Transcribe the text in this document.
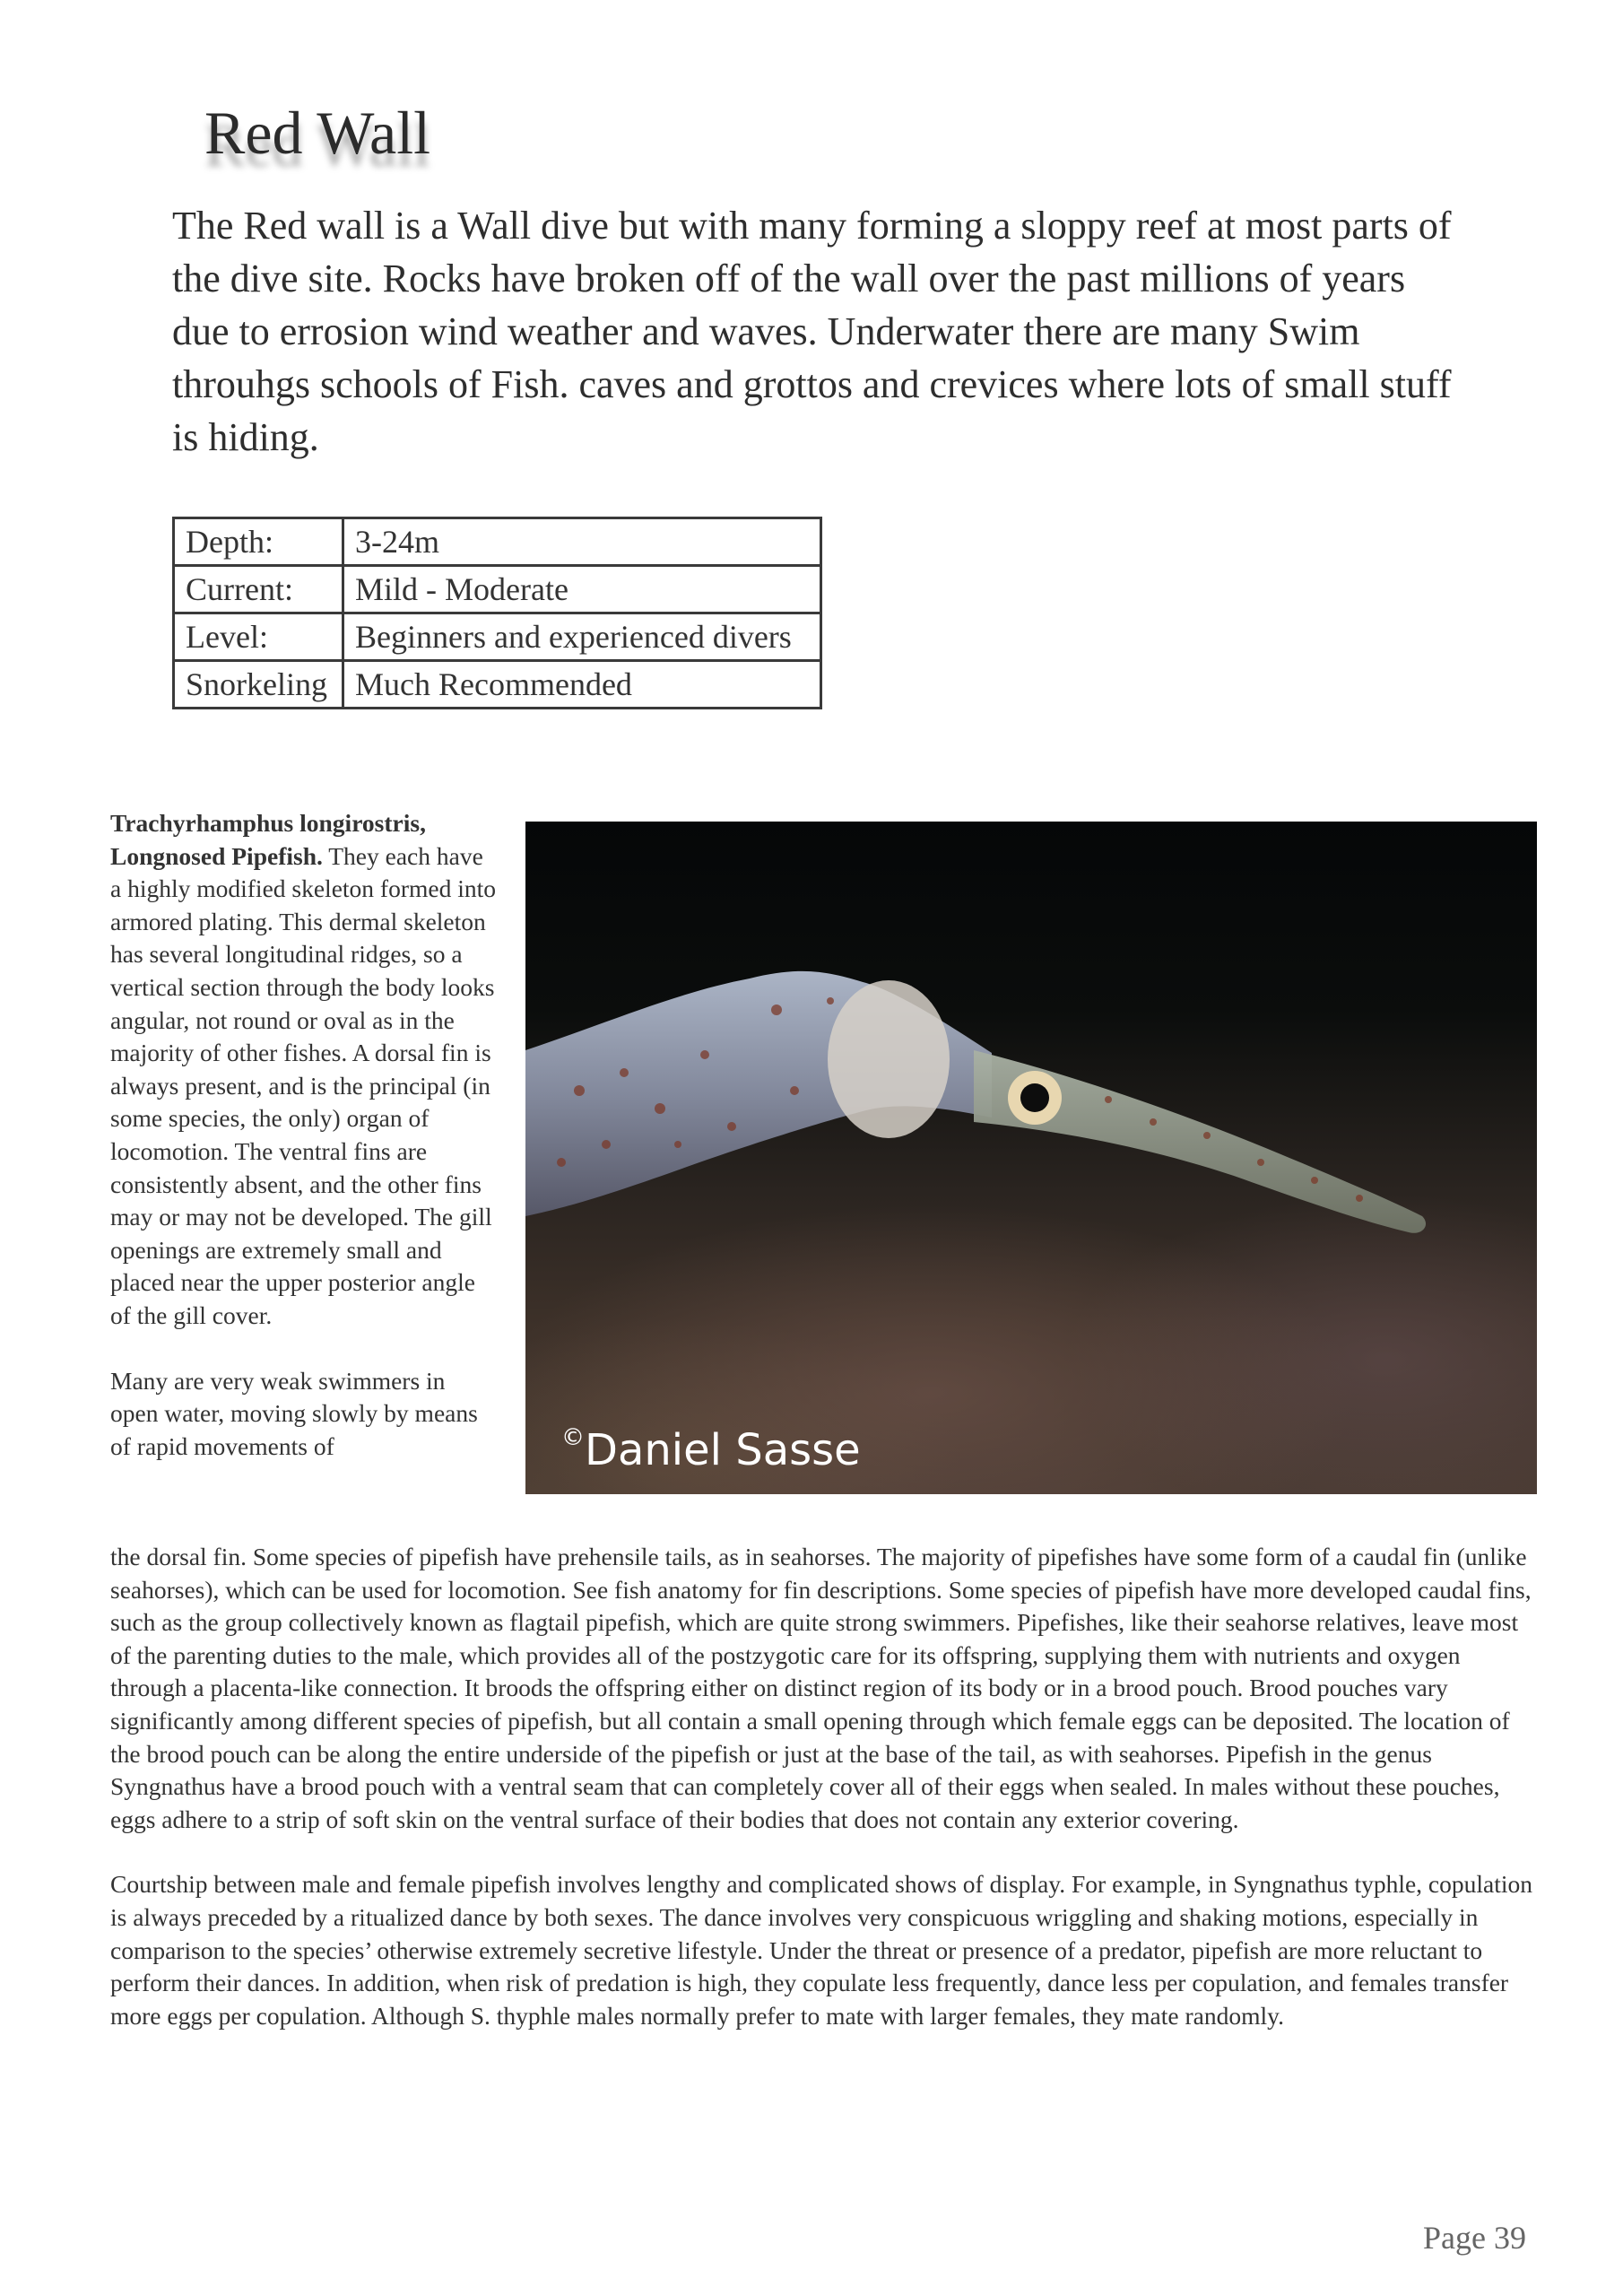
Red Wall

The Red wall is a Wall dive but with many forming a sloppy reef at most parts of the dive site. Rocks have broken off of the wall over the past millions of years due to errosion wind weather and waves. Underwater there are many Swim throuhgs schools of Fish. caves and grottos and crevices where lots of small stuff is hiding.

Depth:	3-24m
Current:	Mild - Moderate
Level:	Beginners and experienced divers
Snorkeling	Much Recommended

Trachyrhamphus longirostris, Longnosed Pipefish. They each have a highly modified skeleton formed into armored plating. This dermal skeleton has several longitudinal ridges, so a vertical section through the body looks angular, not round or oval as in the majority of other fishes. A dorsal fin is always present, and is the principal (in some species, the only) organ of locomotion. The ventral fins are consistently absent, and the other fins may or may not be developed. The gill openings are extremely small and placed near the upper posterior angle of the gill cover.

Many are very weak swimmers in open water, moving slowly by means of rapid movements of	©Daniel Sasse

the dorsal fin. Some species of pipefish have prehensile tails, as in seahorses. The majority of pipefishes have some form of a caudal fin (unlike seahorses), which can be used for locomotion. See fish anatomy for fin descriptions. Some species of pipefish have more developed caudal fins, such as the group collectively known as flagtail pipefish, which are quite strong swimmers. Pipefishes, like their seahorse relatives, leave most of the parenting duties to the male, which provides all of the postzygotic care for its offspring, supplying them with nutrients and oxygen through a placenta-like connection. It broods the offspring either on distinct region of its body or in a brood pouch. Brood pouches vary significantly among different species of pipefish, but all contain a small opening through which female eggs can be deposited. The location of the brood pouch can be along the entire underside of the pipefish or just at the base of the tail, as with seahorses. Pipefish in the genus Syngnathus have a brood pouch with a ventral seam that can completely cover all of their eggs when sealed. In males without these pouches, eggs adhere to a strip of soft skin on the ventral surface of their bodies that does not contain any exterior covering.

Courtship between male and female pipefish involves lengthy and complicated shows of display. For example, in Syngnathus typhle, copulation is always preceded by a ritualized dance by both sexes. The dance involves very conspicuous wriggling and shaking motions, especially in comparison to the species’ otherwise extremely secretive lifestyle. Under the threat or presence of a predator, pipefish are more reluctant to perform their dances. In addition, when risk of predation is high, they copulate less frequently, dance less per copulation, and females transfer more eggs per copulation. Although S. thyphle males normally prefer to mate with larger females, they mate randomly.

Page 39
